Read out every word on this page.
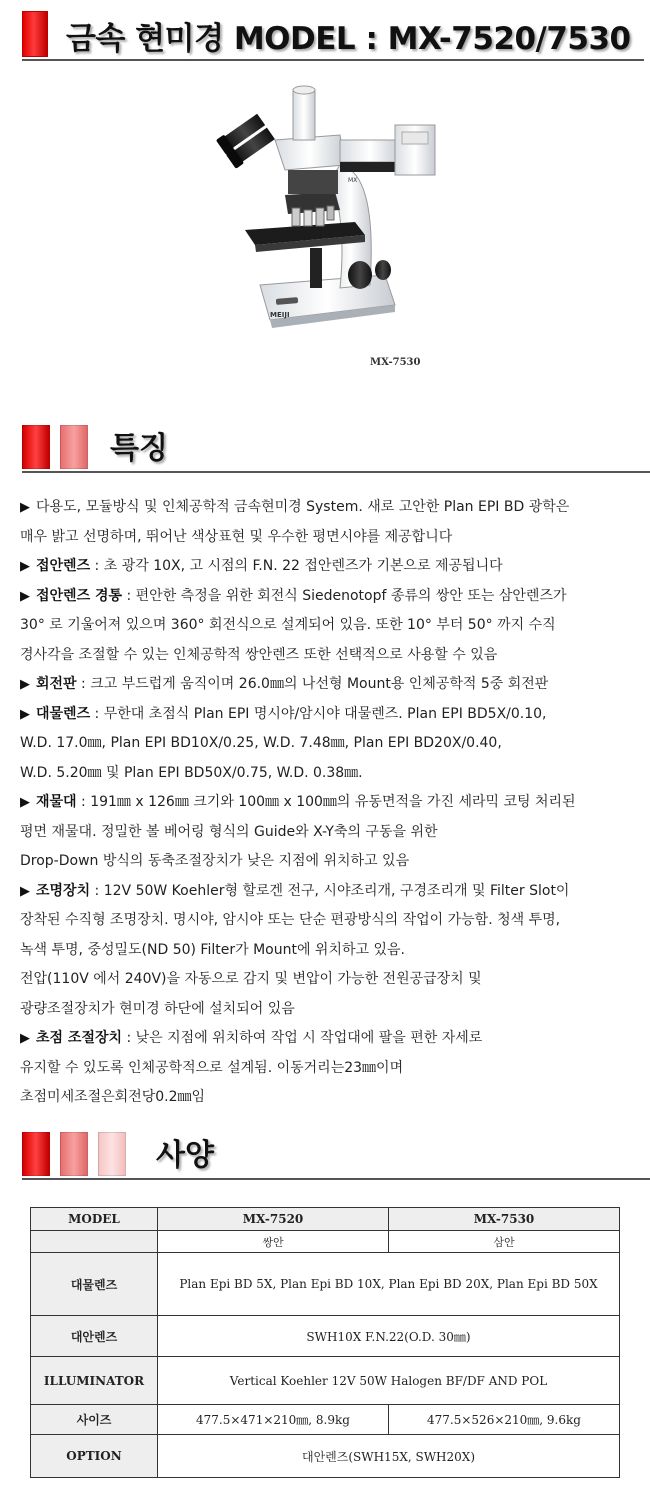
금속 현미경 MODEL : MX-7520/7530
MEIJI
MX
MX-7530
특징
▶ 다용도, 모듈방식 및 인체공학적 금속현미경 System. 새로 고안한 Plan EPI BD 광학은
매우 밝고 선명하며, 뛰어난 색상표현 및 우수한 평면시야를 제공합니다
▶ 접안렌즈 : 초 광각 10X, 고 시점의 F.N. 22 접안렌즈가 기본으로 제공됩니다
▶ 접안렌즈 경통 : 편안한 측정을 위한 회전식 Siedenotopf 종류의 쌍안 또는 삼안렌즈가
30° 로 기울어져 있으며 360° 회전식으로 설계되어 있음. 또한 10° 부터 50° 까지 수직
경사각을 조절할 수 있는 인체공학적 쌍안렌즈 또한 선택적으로 사용할 수 있음
▶ 회전판 : 크고 부드럽게 움직이며 26.0㎜의 나선형 Mount용 인체공학적 5중 회전판
▶ 대물렌즈 : 무한대 초점식 Plan EPI 명시야/암시야 대물렌즈. Plan EPI BD5X/0.10,
W.D. 17.0㎜, Plan EPI BD10X/0.25, W.D. 7.48㎜, Plan EPI BD20X/0.40,
W.D. 5.20㎜ 및 Plan EPI BD50X/0.75, W.D. 0.38㎜.
▶ 재물대 : 191㎜ x 126㎜ 크기와 100㎜ x 100㎜의 유동면적을 가진 세라믹 코팅 처리된
평면 재물대. 정밀한 볼 베어링 형식의 Guide와 X-Y축의 구동을 위한
Drop-Down 방식의 동축조절장치가 낮은 지점에 위치하고 있음
▶ 조명장치 : 12V 50W Koehler형 할로겐 전구, 시야조리개, 구경조리개 및 Filter Slot이
장착된 수직형 조명장치. 명시야, 암시야 또는 단순 편광방식의 작업이 가능함. 청색 투명,
녹색 투명, 중성밀도(ND 50) Filter가 Mount에 위치하고 있음.
전압(110V 에서 240V)을 자동으로 감지 및 변압이 가능한 전원공급장치 및
광량조절장치가 현미경 하단에 설치되어 있음
▶ 초점 조절장치 : 낮은 지점에 위치하여 작업 시 작업대에 팔을 편한 자세로
유지할 수 있도록 인체공학적으로 설계됨. 이동거리는23㎜이며
초점미세조절은회전당0.2㎜임
사양
MODEL	MX-7520	MX-7530
	쌍안	삼안
대물렌즈	Plan Epi BD 5X, Plan Epi BD 10X, Plan Epi BD 20X, Plan Epi BD 50X	
대안렌즈	SWH10X F.N.22(O.D. 30㎜)	
ILLUMINATOR	Vertical Koehler 12V 50W Halogen BF/DF AND POL	
사이즈	477.5×471×210㎜, 8.9kg	477.5×526×210㎜, 9.6kg
OPTION	대안렌즈(SWH15X, SWH20X)	
